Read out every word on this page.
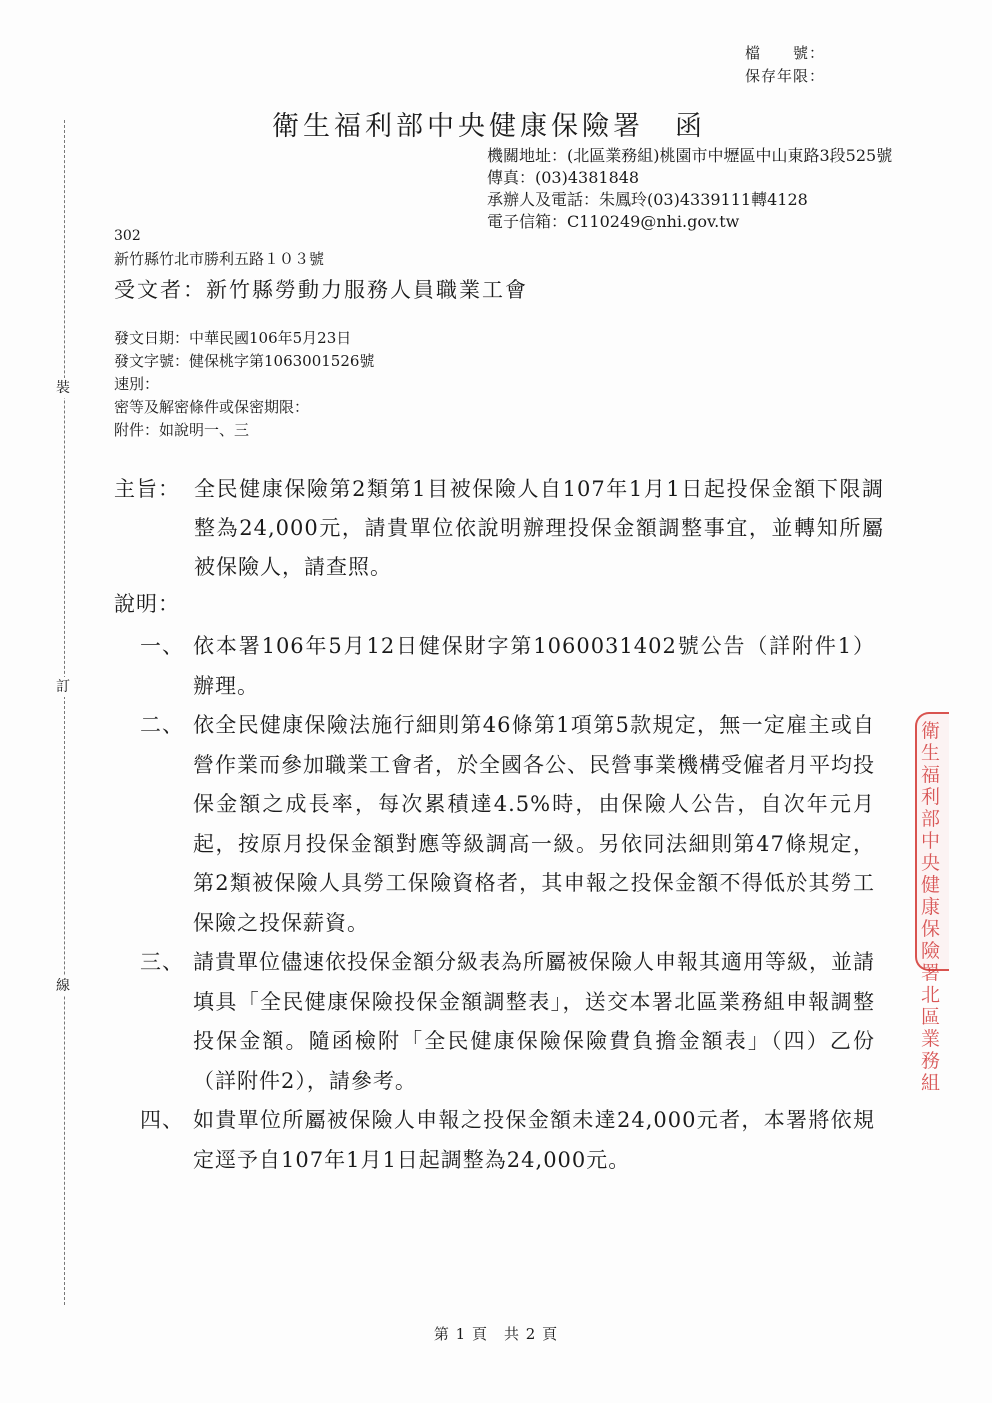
裝
訂
線
檔　　號：
保存年限：
衛生福利部中央健康保險署　函
機關地址：(北區業務組)桃園市中壢區中山東路3段525號
傳真：(03)4381848
承辦人及電話：朱鳳玲(03)4339111轉4128
電子信箱：C110249@nhi.gov.tw
302
新竹縣竹北市勝利五路１０３號
受文者：新竹縣勞動力服務人員職業工會
發文日期：中華民國106年5月23日
發文字號：健保桃字第1063001526號
速別：
密等及解密條件或保密期限：
附件：如說明一、三
主旨： 全民健康保險第2類第1目被保險人自107年1月1日起投保金額下限調整為24,000元，請貴單位依說明辦理投保金額調整事宜，並轉知所屬被保險人，請查照。
說明：
一、 依本署106年5月12日健保財字第1060031402號公告（詳附件1）辦理。
二、 依全民健康保險法施行細則第46條第1項第5款規定，無一定雇主或自營作業而參加職業工會者，於全國各公、民營事業機構受僱者月平均投保金額之成長率，每次累積達4.5%時，由保險人公告，自次年元月起，按原月投保金額對應等級調高一級。另依同法細則第47條規定，第2類被保險人具勞工保險資格者，其申報之投保金額不得低於其勞工保險之投保薪資。
三、 請貴單位儘速依投保金額分級表為所屬被保險人申報其適用等級，並請填具「全民健康保險投保金額調整表」，送交本署北區業務組申報調整投保金額。隨函檢附「全民健康保險保險費負擔金額表」（四）乙份（詳附件2），請參考。
四、 如貴單位所屬被保險人申報之投保金額未達24,000元者，本署將依規定逕予自107年1月1日起調整為24,000元。
衛生福利部中央健康保險署北區業務組
第 1 頁　共 2 頁
